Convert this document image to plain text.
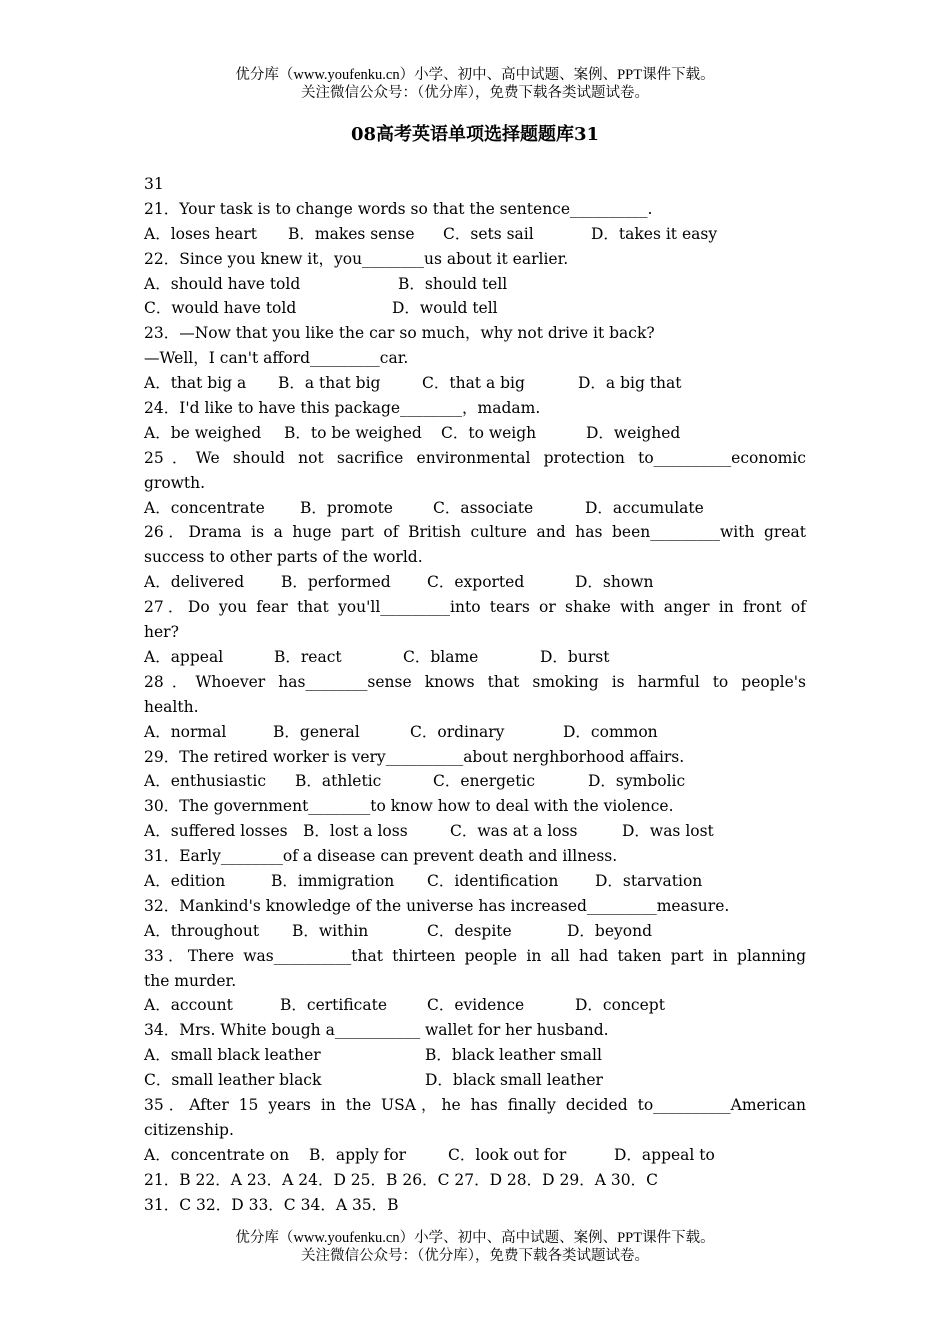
优分库（www.youfenku.cn）小学、初中、高中试题、案例、PPT课件下载。
关注微信公众号：（优分库），免费下载各类试题试卷。
08高考英语单项选择题题库31
31
21．Your task is to change words so that the sentence__________.
A．loses heart	B．makes sense	C．sets sail	D．takes it easy
22．Since you knew it，you________us about it earlier.
A．should have told	B．should tell
C．would have told	D．would tell
23．—Now that you like the car so much，why not drive it back?
—Well，I can't afford_________car.
A．that big a	B．a that big	C．that a big	D．a big that
24．I'd like to have this package________，madam.
A．be weighed	B．to be weighed	C．to weigh	D．weighed
25．We should not sacrifice environmental protection to__________economic
growth.
A．concentrate	B．promote	C．associate	D．accumulate
26．Drama is a huge part of British culture and has been_________with great
success to other parts of the world.
A．delivered	B．performed	C．exported	D．shown
27．Do you fear that you'll_________into tears or shake with anger in front of
her?
A．appeal	B．react	C．blame	D．burst
28．Whoever has________sense knows that smoking is harmful to people's
health.
A．normal	B．general	C．ordinary	D．common
29．The retired worker is very__________about nerghborhood affairs.
A．enthusiastic	B．athletic	C．energetic	D．symbolic
30．The government________to know how to deal with the violence.
A．suffered losses B．lost a loss	C．was at a loss	D．was lost
31．Early________of a disease can prevent death and illness.
A．edition	B．immigration	C．identification	D．starvation
32．Mankind's knowledge of the universe has increased_________measure.
A．throughout	B．within	C．despite	D．beyond
33．There was__________that thirteen people in all had taken part in planning
the murder.
A．account	B．certificate	C．evidence	D．concept
34．Mrs. White bough a___________ wallet for her husband.
A．small black leather	B．black leather small
C．small leather black	D．black small leather
35．After 15 years in the USA，he has finally decided to__________American
citizenship.
A．concentrate on	B．apply for	C．look out for	D．appeal to
21．B 22．A 23．A 24．D 25．B 26．C 27．D 28．D 29．A 30．C
31．C 32．D 33．C 34．A 35．B
优分库（www.youfenku.cn）小学、初中、高中试题、案例、PPT课件下载。
关注微信公众号：（优分库），免费下载各类试题试卷。
